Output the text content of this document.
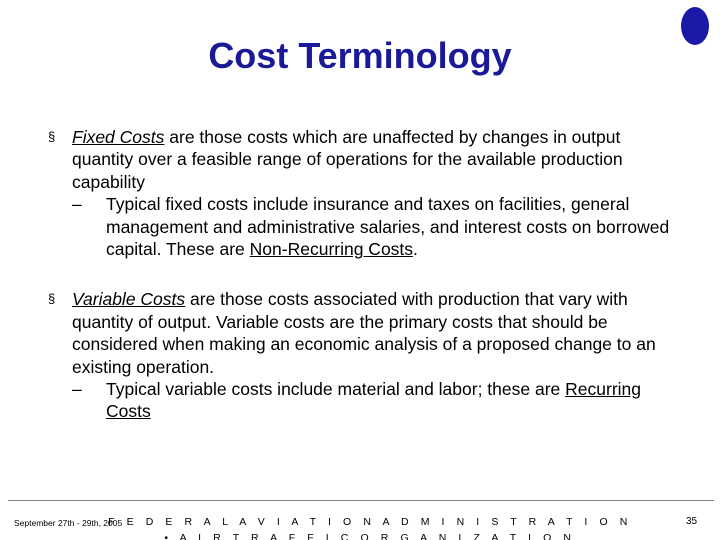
Cost Terminology
§ Fixed Costs are those costs which are unaffected by changes in output quantity over a feasible range of operations for the available production capability
– Typical fixed costs include insurance and taxes on facilities, general management and administrative salaries, and interest costs on borrowed capital. These are Non-Recurring Costs.
§ Variable Costs are those costs associated with production that vary with quantity of output. Variable costs are the primary costs that should be considered when making an economic analysis of a proposed change to an existing operation.
– Typical variable costs include material and labor; these are Recurring Costs
September 27th - 29th, 2005
F E D E R A L A V I A T I O N A D M I N I S T R A T I O N • A I R T R A F F I C O R G A N I Z A T I O N
35
